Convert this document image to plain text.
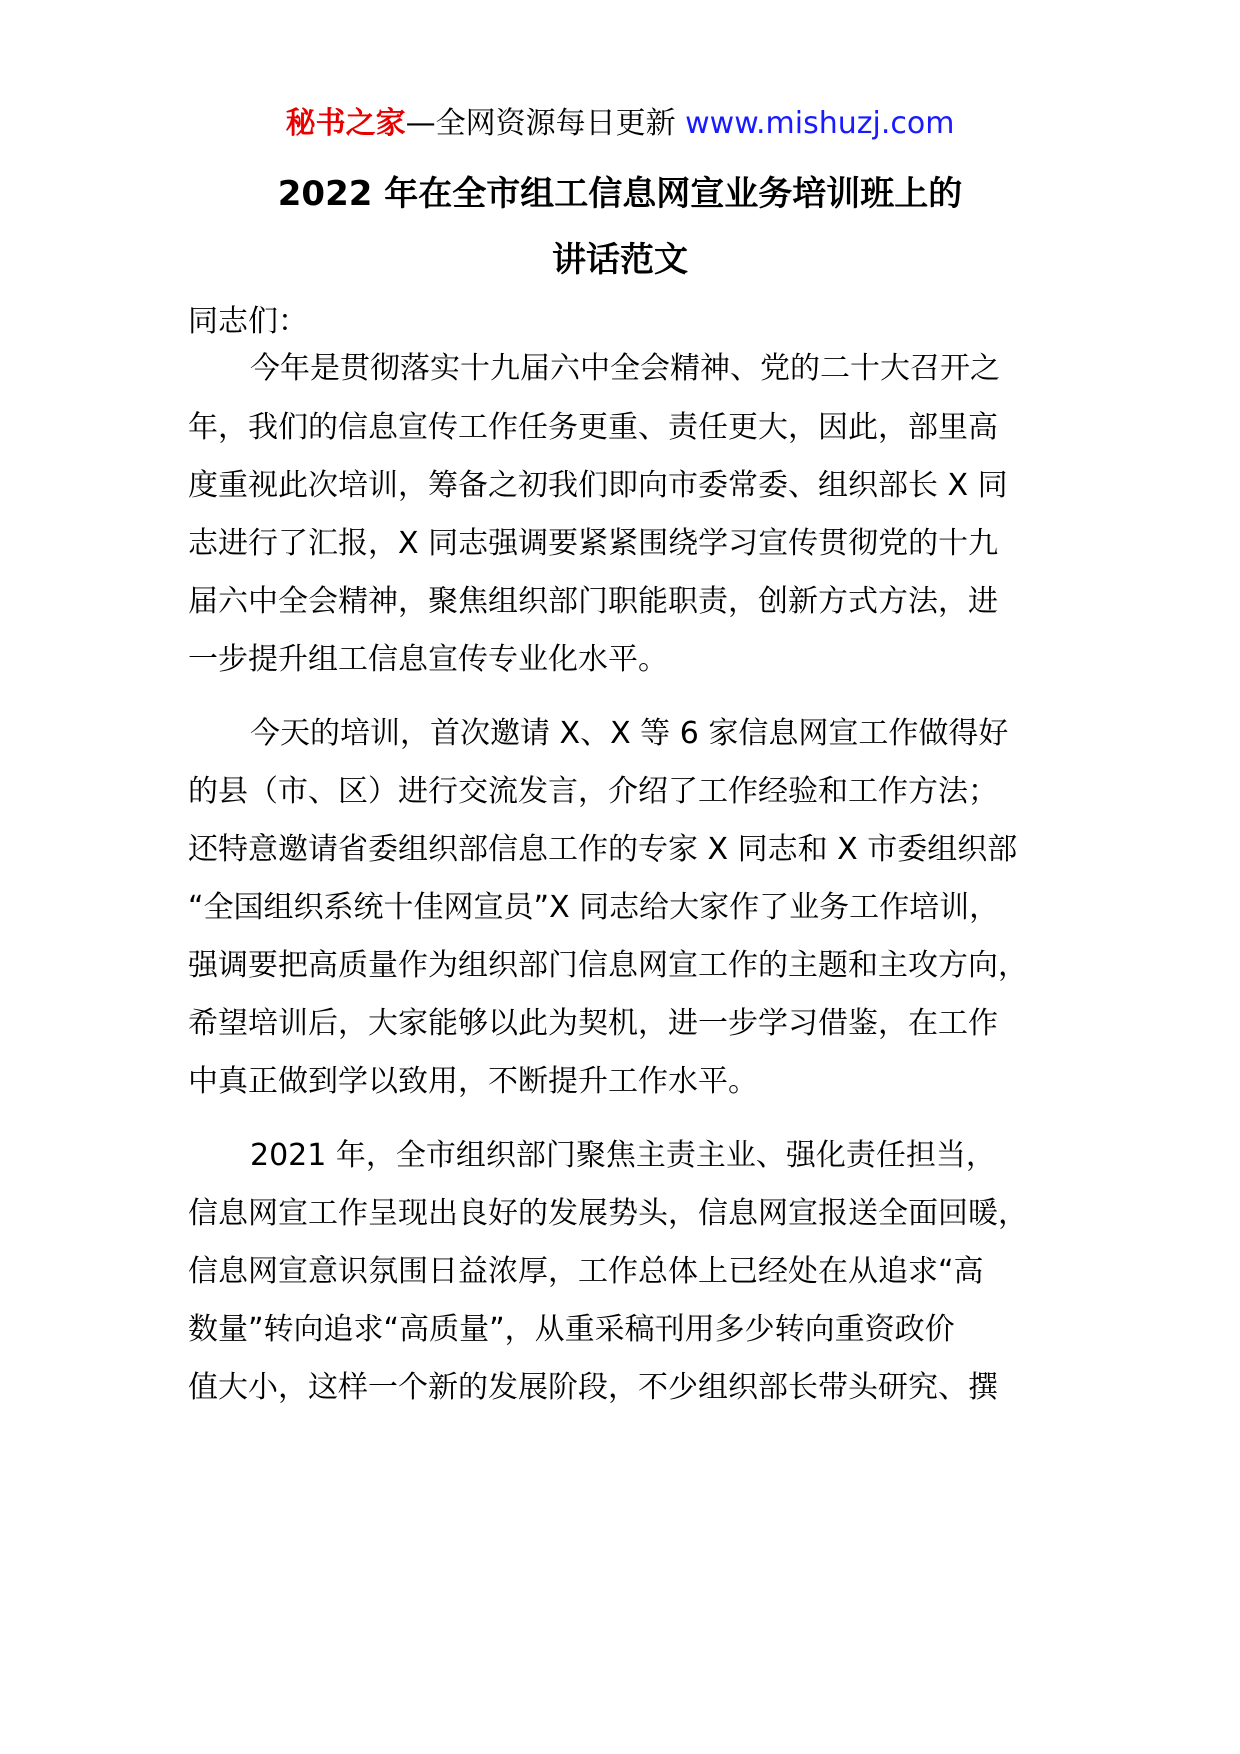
秘书之家—全网资源每日更新 www.mishuzj.com
2022 年在全市组工信息网宣业务培训班上的
讲话范文
同志们：
今年是贯彻落实十九届六中全会精神、党的二十大召开之
年，我们的信息宣传工作任务更重、责任更大，因此，部里高
度重视此次培训，筹备之初我们即向市委常委、组织部长 X 同
志进行了汇报，X 同志强调要紧紧围绕学习宣传贯彻党的十九
届六中全会精神，聚焦组织部门职能职责，创新方式方法，进
一步提升组工信息宣传专业化水平。
今天的培训，首次邀请 X、X 等 6 家信息网宣工作做得好
的县（市、区）进行交流发言，介绍了工作经验和工作方法；
还特意邀请省委组织部信息工作的专家 X 同志和 X 市委组织部
“全国组织系统十佳网宣员”X 同志给大家作了业务工作培训，
强调要把高质量作为组织部门信息网宣工作的主题和主攻方向，
希望培训后，大家能够以此为契机，进一步学习借鉴，在工作
中真正做到学以致用，不断提升工作水平。
2021 年，全市组织部门聚焦主责主业、强化责任担当，
信息网宣工作呈现出良好的发展势头，信息网宣报送全面回暖，
信息网宣意识氛围日益浓厚，工作总体上已经处在从追求“高
数量”转向追求“高质量”，从重采稿刊用多少转向重资政价
值大小，这样一个新的发展阶段，不少组织部长带头研究、撰
